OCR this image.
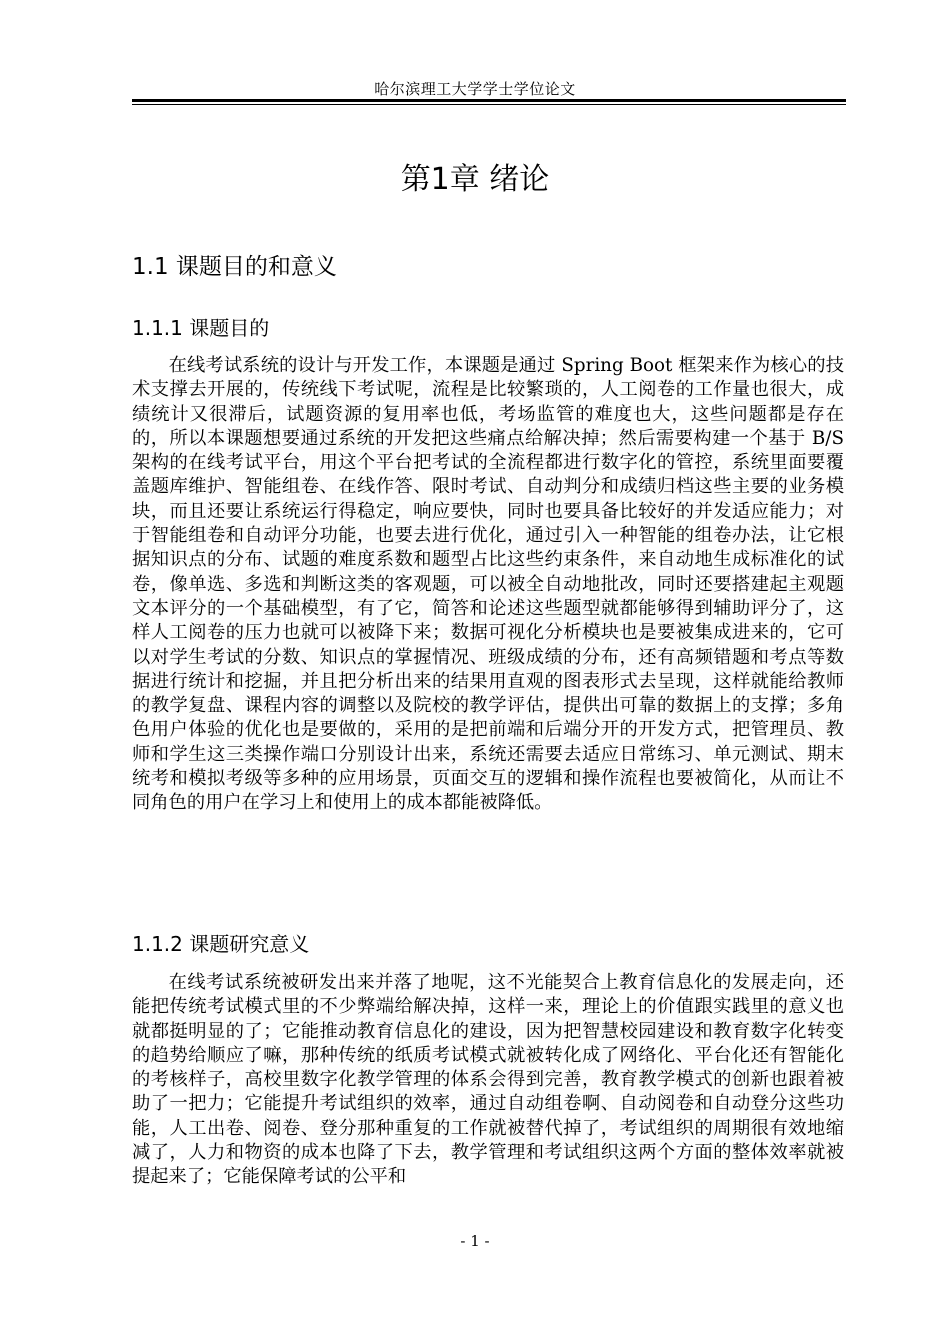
哈尔滨理工大学学士学位论文
第1章 绪论
1.1 课题目的和意义
1.1.1 课题目的

在线考试系统的设计与开发工作，本课题是通过 Spring Boot 框架来作为核心的技术支撑去开展的，传统线下考试呢，流程是比较繁琐的，人工阅卷的工作量也很大，成绩统计又很滞后，试题资源的复用率也低，考场监管的难度也大，这些问题都是存在的，所以本课题想要通过系统的开发把这些痛点给解决掉；然后需要构建一个基于 B/S 架构的在线考试平台，用这个平台把考试的全流程都进行数字化的管控，系统里面要覆盖题库维护、智能组卷、在线作答、限时考试、自动判分和成绩归档这些主要的业务模块，而且还要让系统运行得稳定，响应要快，同时也要具备比较好的并发适应能力；对于智能组卷和自动评分功能，也要去进行优化，通过引入一种智能的组卷办法，让它根据知识点的分布、试题的难度系数和题型占比这些约束条件，来自动地生成标准化的试卷，像单选、多选和判断这类的客观题，可以被全自动地批改，同时还要搭建起主观题文本评分的一个基础模型，有了它，简答和论述这些题型就都能够得到辅助评分了，这样人工阅卷的压力也就可以被降下来；数据可视化分析模块也是要被集成进来的，它可以对学生考试的分数、知识点的掌握情况、班级成绩的分布，还有高频错题和考点等数据进行统计和挖掘，并且把分析出来的结果用直观的图表形式去呈现，这样就能给教师的教学复盘、课程内容的调整以及院校的教学评估，提供出可靠的数据上的支撑；多角色用户体验的优化也是要做的，采用的是把前端和后端分开的开发方式，把管理员、教师和学生这三类操作端口分别设计出来，系统还需要去适应日常练习、单元测试、期末统考和模拟考级等多种的应用场景，页面交互的逻辑和操作流程也要被简化，从而让不同角色的用户在学习上和使用上的成本都能被降低。

1.1.2 课题研究意义

在线考试系统被研发出来并落了地呢，这不光能契合上教育信息化的发展走向，还能把传统考试模式里的不少弊端给解决掉，这样一来，理论上的价值跟实践里的意义也就都挺明显的了；它能推动教育信息化的建设，因为把智慧校园建设和教育数字化转变的趋势给顺应了嘛，那种传统的纸质考试模式就被转化成了网络化、平台化还有智能化的考核样子，高校里数字化教学管理的体系会得到完善，教育教学模式的创新也跟着被助了一把力；它能提升考试组织的效率，通过自动组卷啊、自动阅卷和自动登分这些功能，人工出卷、阅卷、登分那种重复的工作就被替代掉了，考试组织的周期很有效地缩减了，人力和物资的成本也降了下去，教学管理和考试组织这两个方面的整体效率就被提起来了；它能保障考试的公平和

- 1 -
